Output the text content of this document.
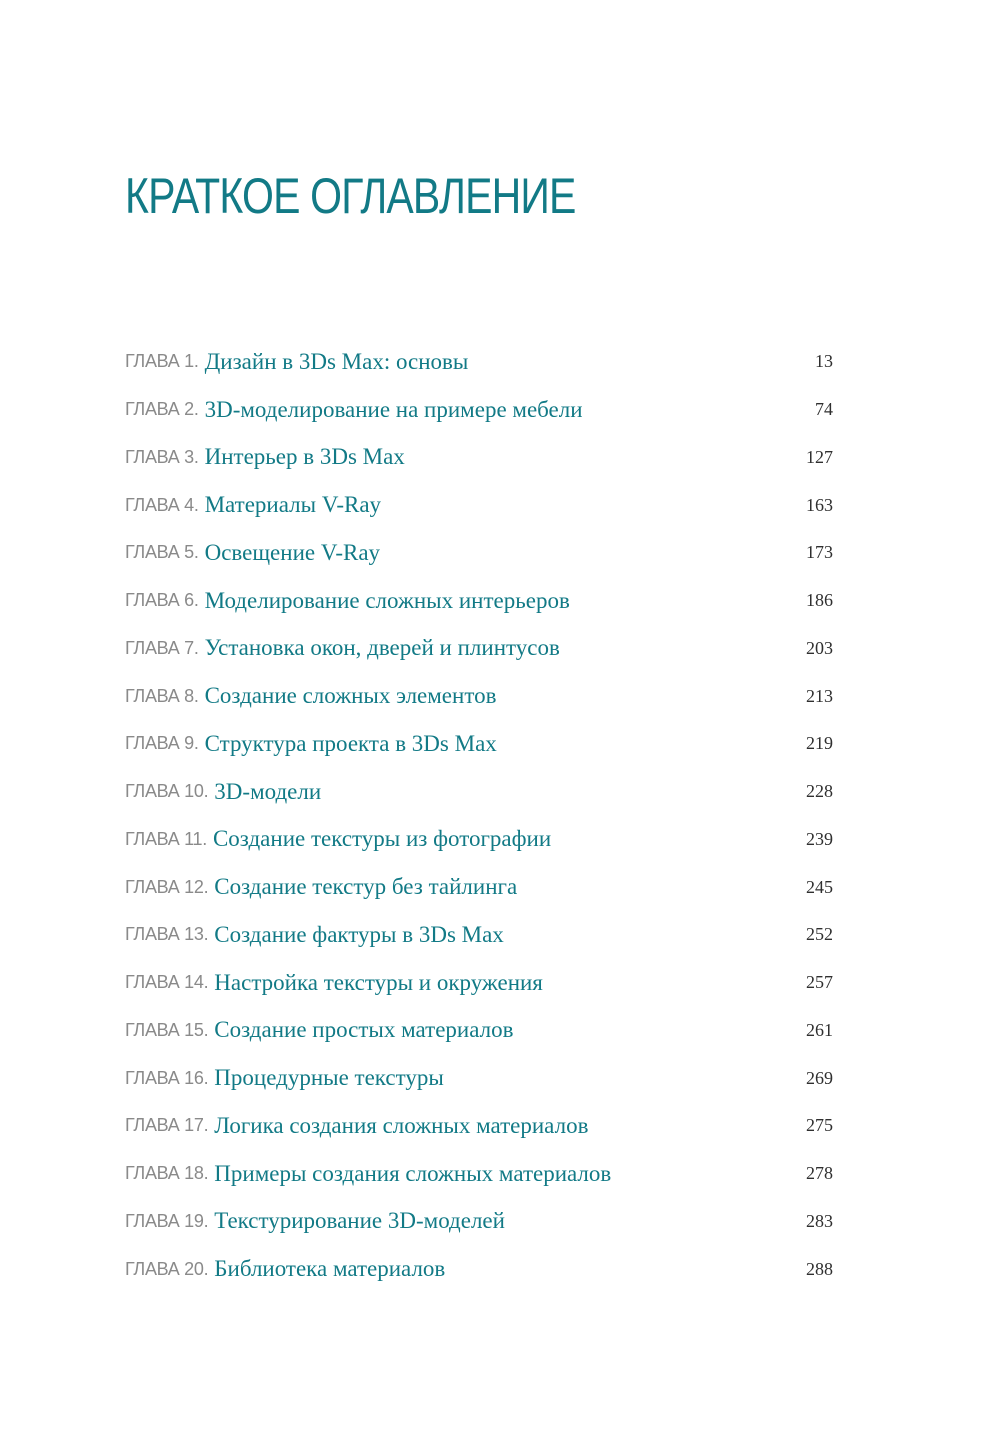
КРАТКОЕ ОГЛАВЛЕНИЕ
ГЛАВА 1. Дизайн в 3Ds Max: основы	13
ГЛАВА 2. 3D-моделирование на примере мебели	74
ГЛАВА 3. Интерьер в 3Ds Max	127
ГЛАВА 4. Материалы V-Ray	163
ГЛАВА 5. Освещение V-Ray	173
ГЛАВА 6. Моделирование сложных интерьеров	186
ГЛАВА 7. Установка окон, дверей и плинтусов	203
ГЛАВА 8. Создание сложных элементов	213
ГЛАВА 9. Структура проекта в 3Ds Max	219
ГЛАВА 10. 3D-модели	228
ГЛАВА 11. Создание текстуры из фотографии	239
ГЛАВА 12. Создание текстур без тайлинга	245
ГЛАВА 13. Создание фактуры в 3Ds Max	252
ГЛАВА 14. Настройка текстуры и окружения	257
ГЛАВА 15. Создание простых материалов	261
ГЛАВА 16. Процедурные текстуры	269
ГЛАВА 17. Логика создания сложных материалов	275
ГЛАВА 18. Примеры создания сложных материалов	278
ГЛАВА 19. Текстурирование 3D-моделей	283
ГЛАВА 20. Библиотека материалов	288
